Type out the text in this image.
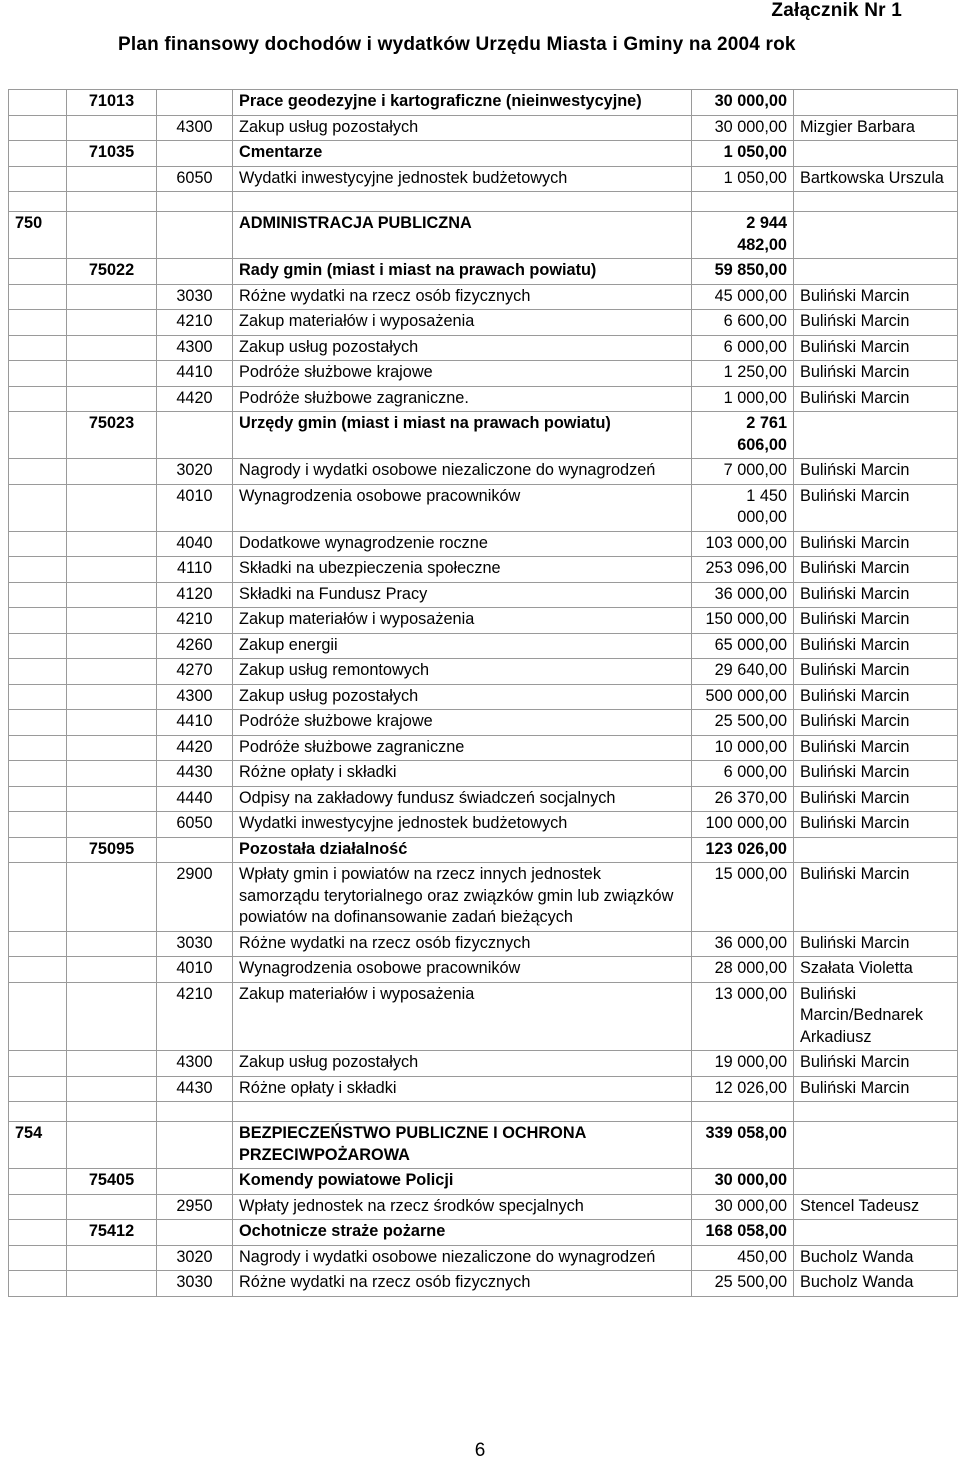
Załącznik Nr 1
Plan finansowy dochodów i wydatków Urzędu Miasta i Gminy na 2004 rok
	71013		Prace geodezyjne i kartograficzne (nieinwestycyjne)	30 000,00	
		4300	Zakup usług pozostałych	30 000,00	Mizgier Barbara
	71035		Cmentarze	1 050,00	
		6050	Wydatki inwestycyjne jednostek budżetowych	1 050,00	Bartkowska Urszula

750			ADMINISTRACJA PUBLICZNA	2 944 482,00	
	75022		Rady gmin (miast i miast na prawach powiatu)	59 850,00	
		3030	Różne wydatki na rzecz osób fizycznych	45 000,00	Buliński Marcin
		4210	Zakup materiałów i wyposażenia	6 600,00	Buliński Marcin
		4300	Zakup usług pozostałych	6 000,00	Buliński Marcin
		4410	Podróże służbowe krajowe	1 250,00	Buliński Marcin
		4420	Podróże służbowe zagraniczne.	1 000,00	Buliński Marcin
	75023		Urzędy gmin (miast i miast na prawach powiatu)	2 761 606,00	
		3020	Nagrody i wydatki osobowe niezaliczone do wynagrodzeń	7 000,00	Buliński Marcin
		4010	Wynagrodzenia osobowe pracowników	1 450 000,00	Buliński Marcin
		4040	Dodatkowe wynagrodzenie roczne	103 000,00	Buliński Marcin
		4110	Składki na ubezpieczenia społeczne	253 096,00	Buliński Marcin
		4120	Składki na Fundusz Pracy	36 000,00	Buliński Marcin
		4210	Zakup materiałów i wyposażenia	150 000,00	Buliński Marcin
		4260	Zakup energii	65 000,00	Buliński Marcin
		4270	Zakup usług remontowych	29 640,00	Buliński Marcin
		4300	Zakup usług pozostałych	500 000,00	Buliński Marcin
		4410	Podróże służbowe krajowe	25 500,00	Buliński Marcin
		4420	Podróże służbowe zagraniczne	10 000,00	Buliński Marcin
		4430	Różne opłaty i składki	6 000,00	Buliński Marcin
		4440	Odpisy na zakładowy fundusz świadczeń socjalnych	26 370,00	Buliński Marcin
		6050	Wydatki inwestycyjne jednostek budżetowych	100 000,00	Buliński Marcin
	75095		Pozostała działalność	123 026,00	
		2900	Wpłaty gmin i powiatów na rzecz innych jednostek samorządu terytorialnego oraz związków gmin lub związków powiatów na dofinansowanie zadań bieżących	15 000,00	Buliński Marcin
		3030	Różne wydatki na rzecz osób fizycznych	36 000,00	Buliński Marcin
		4010	Wynagrodzenia osobowe pracowników	28 000,00	Szałata Violetta
		4210	Zakup materiałów i wyposażenia	13 000,00	Buliński Marcin/Bednarek Arkadiusz
		4300	Zakup usług pozostałych	19 000,00	Buliński Marcin
		4430	Różne opłaty i składki	12 026,00	Buliński Marcin

754			BEZPIECZEŃSTWO PUBLICZNE I OCHRONA PRZECIWPOŻAROWA	339 058,00	
	75405		Komendy powiatowe Policji	30 000,00	
		2950	Wpłaty jednostek na rzecz środków specjalnych	30 000,00	Stencel Tadeusz
	75412		Ochotnicze straże pożarne	168 058,00	
		3020	Nagrody i wydatki osobowe niezaliczone do wynagrodzeń	450,00	Bucholz Wanda
		3030	Różne wydatki na rzecz osób fizycznych	25 500,00	Bucholz Wanda
6
